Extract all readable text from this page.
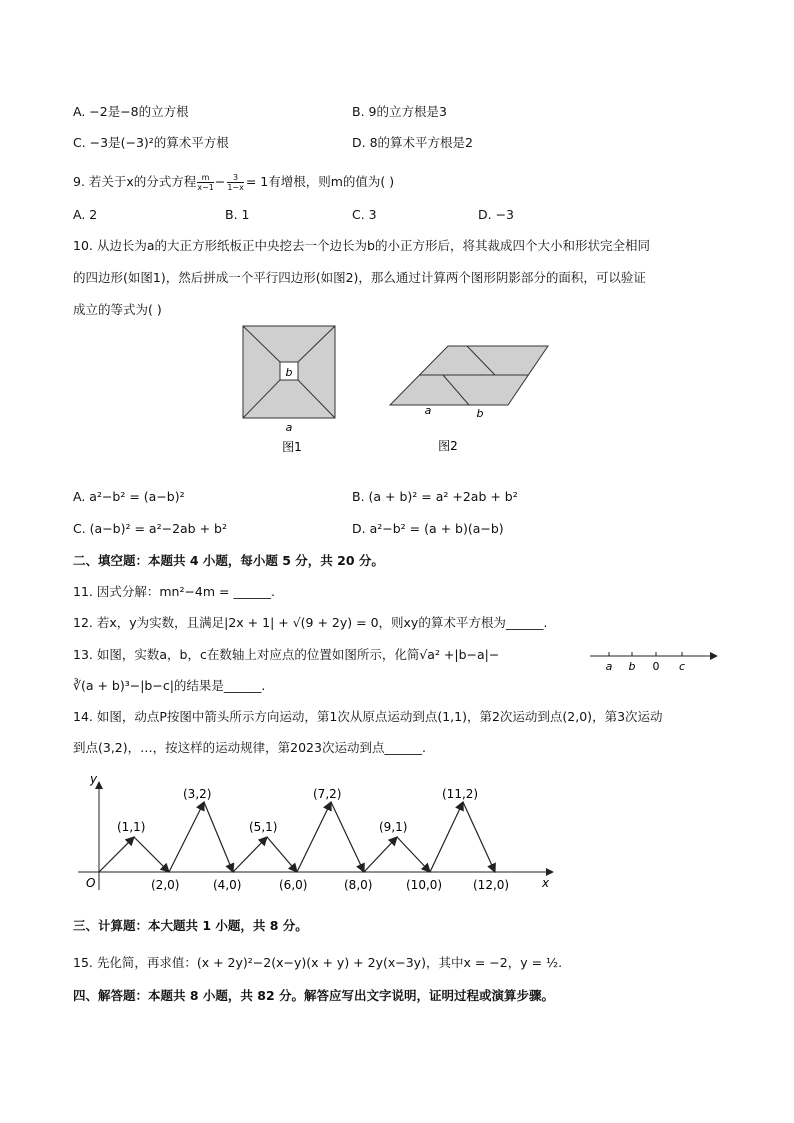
A. −2是−8的立方根	B. 9的立方根是3
C. −3是(−3)²的算术平方根	D. 8的算术平方根是2
9. 若关于x的分式方程 $\frac{m}{x-1} - \frac{3}{1-x} = 1$有增根，则m的值为( )
A. 2	B. 1	C. 3	D. −3
10. 从边长为a的大正方形纸板正中央挖去一个边长为b的小正方形后，将其裁成四个大小和形状完全相同
的四边形(如图1)，然后拼成一个平行四边形(如图2)，那么通过计算两个图形阴影部分的面积，可以验证
成立的等式为( )
b
a
图1
a	b
图2
A. a²−b² = (a−b)²	B. (a + b)² = a² +2ab + b²
C. (a−b)² = a²−2ab + b²	D. a²−b² = (a + b)(a−b)
二、填空题：本题共 4 小题，每小题 5 分，共 20 分。
11. 因式分解：mn²−4m = ______.
12. 若x，y为实数，且满足|2x + 1| + √(9 + 2y) = 0，则xy的算术平方根为______.
13. 如图，实数a，b，c在数轴上对应点的位置如图所示，化简√a² +|b−a|−
∛(a + b)³−|b−c|的结果是______.
a b 0 c
14. 如图，动点P按图中箭头所示方向运动，第1次从原点运动到点(1,1)，第2次运动到点(2,0)，第3次运动
到点(3,2)，…，按这样的运动规律，第2023次运动到点______.
y
x
O
(1,1)
(3,2)
(5,1)
(7,2)
(9,1)
(11,2)
(2,0)	(4,0)	(6,0)	(8,0)	(10,0)	(12,0)
三、计算题：本大题共 1 小题，共 8 分。
15. 先化简，再求值：(x + 2y)²−2(x−y)(x + y) + 2y(x−3y)，其中x = −2，y = ½.
四、解答题：本题共 8 小题，共 82 分。解答应写出文字说明，证明过程或演算步骤。
